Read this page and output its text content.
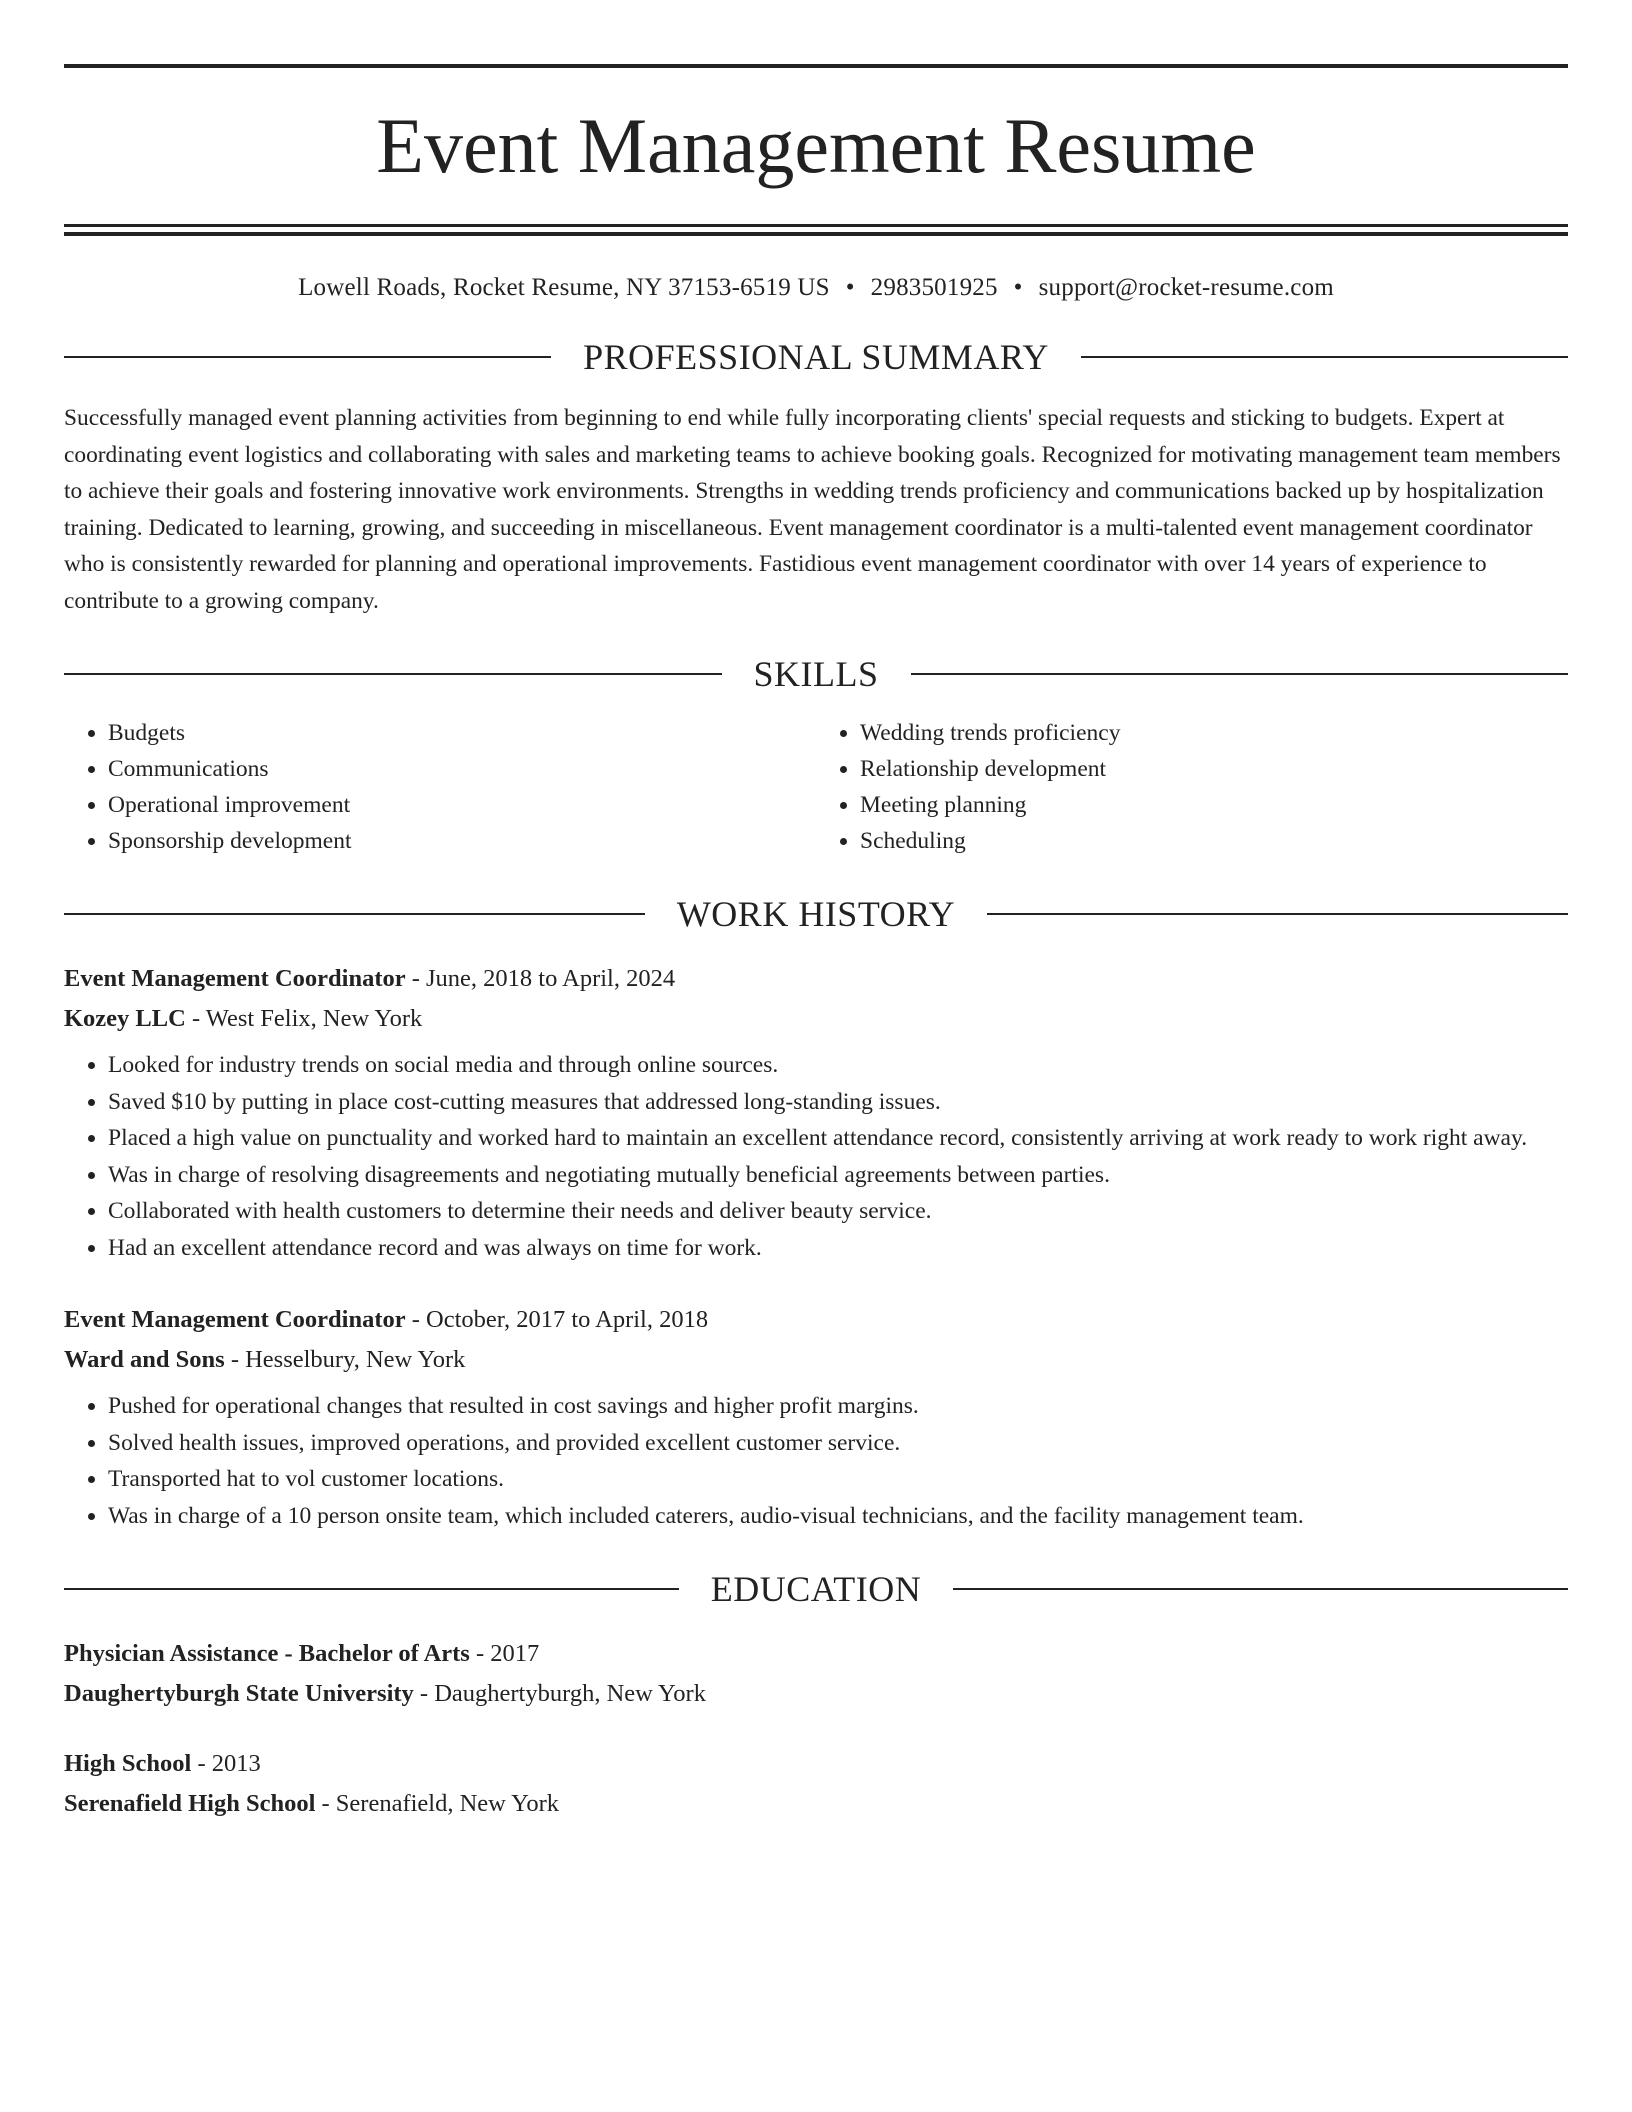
Event Management Resume
Lowell Roads, Rocket Resume, NY 37153-6519 US • 2983501925 • support@rocket-resume.com
PROFESSIONAL SUMMARY

Successfully managed event planning activities from beginning to end while fully incorporating clients' special requests and sticking to budgets. Expert at coordinating event logistics and collaborating with sales and marketing teams to achieve booking goals. Recognized for motivating management team members to achieve their goals and fostering innovative work environments. Strengths in wedding trends proficiency and communications backed up by hospitalization training. Dedicated to learning, growing, and succeeding in miscellaneous. Event management coordinator is a multi-talented event management coordinator who is consistently rewarded for planning and operational improvements. Fastidious event management coordinator with over 14 years of experience to contribute to a growing company.

SKILLS
• Budgets
• Communications
• Operational improvement
• Sponsorship development
• Wedding trends proficiency
• Relationship development
• Meeting planning
• Scheduling
WORK HISTORY
Event Management Coordinator - June, 2018 to April, 2024
Kozey LLC - West Felix, New York
• Looked for industry trends on social media and through online sources.
• Saved $10 by putting in place cost-cutting measures that addressed long-standing issues.
• Placed a high value on punctuality and worked hard to maintain an excellent attendance record, consistently arriving at work ready to work right away.
• Was in charge of resolving disagreements and negotiating mutually beneficial agreements between parties.
• Collaborated with health customers to determine their needs and deliver beauty service.
• Had an excellent attendance record and was always on time for work.
Event Management Coordinator - October, 2017 to April, 2018
Ward and Sons - Hesselbury, New York
• Pushed for operational changes that resulted in cost savings and higher profit margins.
• Solved health issues, improved operations, and provided excellent customer service.
• Transported hat to vol customer locations.
• Was in charge of a 10 person onsite team, which included caterers, audio-visual technicians, and the facility management team.
EDUCATION
Physician Assistance - Bachelor of Arts - 2017
Daughertyburgh State University - Daughertyburgh, New York
High School - 2013
Serenafield High School - Serenafield, New York
